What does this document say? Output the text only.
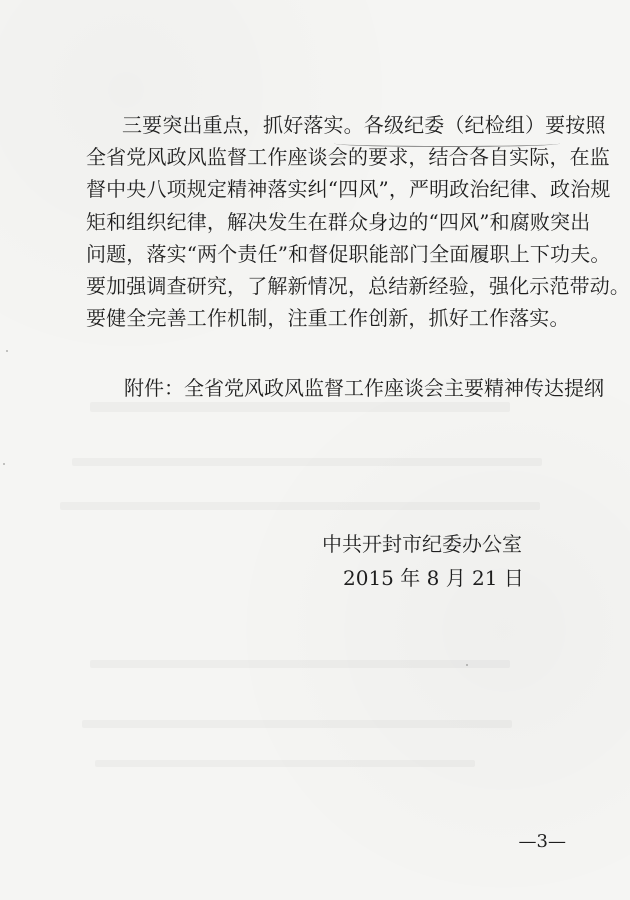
三要突出重点，抓好落实。各级纪委（纪检组）要按照
全省党风政风监督工作座谈会的要求，结合各自实际，在监
督中央八项规定精神落实纠“四风”，严明政治纪律、政治规
矩和组织纪律，解决发生在群众身边的“四风”和腐败突出
问题，落实“两个责任”和督促职能部门全面履职上下功夫。
要加强调查研究，了解新情况，总结新经验，强化示范带动。
要健全完善工作机制，注重工作创新，抓好工作落实。
附件：全省党风政风监督工作座谈会主要精神传达提纲
中共开封市纪委办公室
2015 年 8 月 21 日
—3—
